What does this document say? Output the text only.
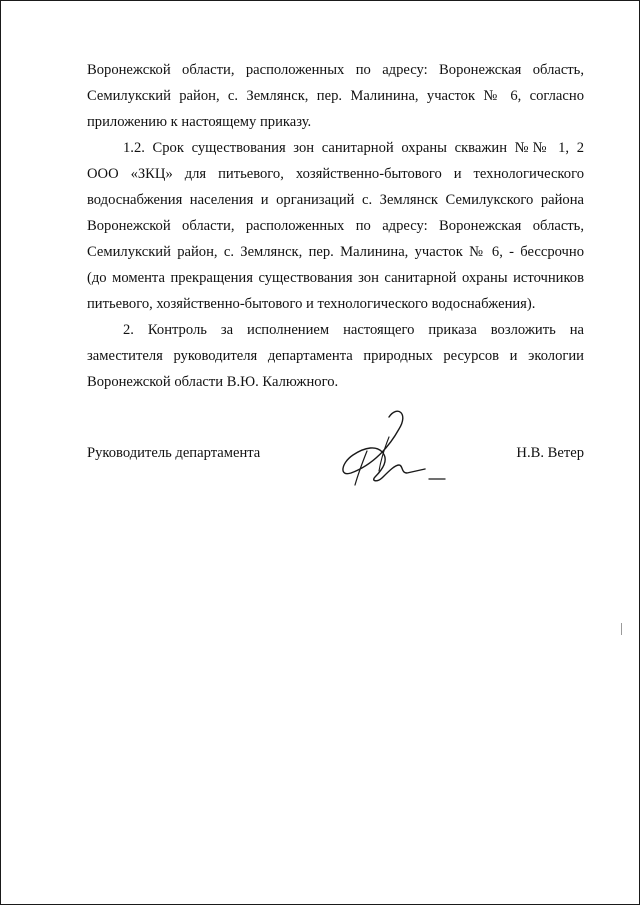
Воронежской области, расположенных по адресу: Воронежская область,
Семилукский район, с. Землянск, пер. Малинина, участок № 6, согласно
приложению к настоящему приказу.
1.2. Срок существования зон санитарной охраны скважин №№ 1, 2
ООО «ЗКЦ» для питьевого, хозяйственно-бытового и технологического
водоснабжения населения и организаций с. Землянск Семилукского района
Воронежской области, расположенных по адресу: Воронежская область,
Семилукский район, с. Землянск, пер. Малинина, участок № 6, - бессрочно
(до момента прекращения существования зон санитарной охраны источников
питьевого, хозяйственно-бытового и технологического водоснабжения).
2. Контроль за исполнением настоящего приказа возложить на
заместителя руководителя департамента природных ресурсов и экологии
Воронежской области В.Ю. Калюжного.
Руководитель департамента	Н.В. Ветер
